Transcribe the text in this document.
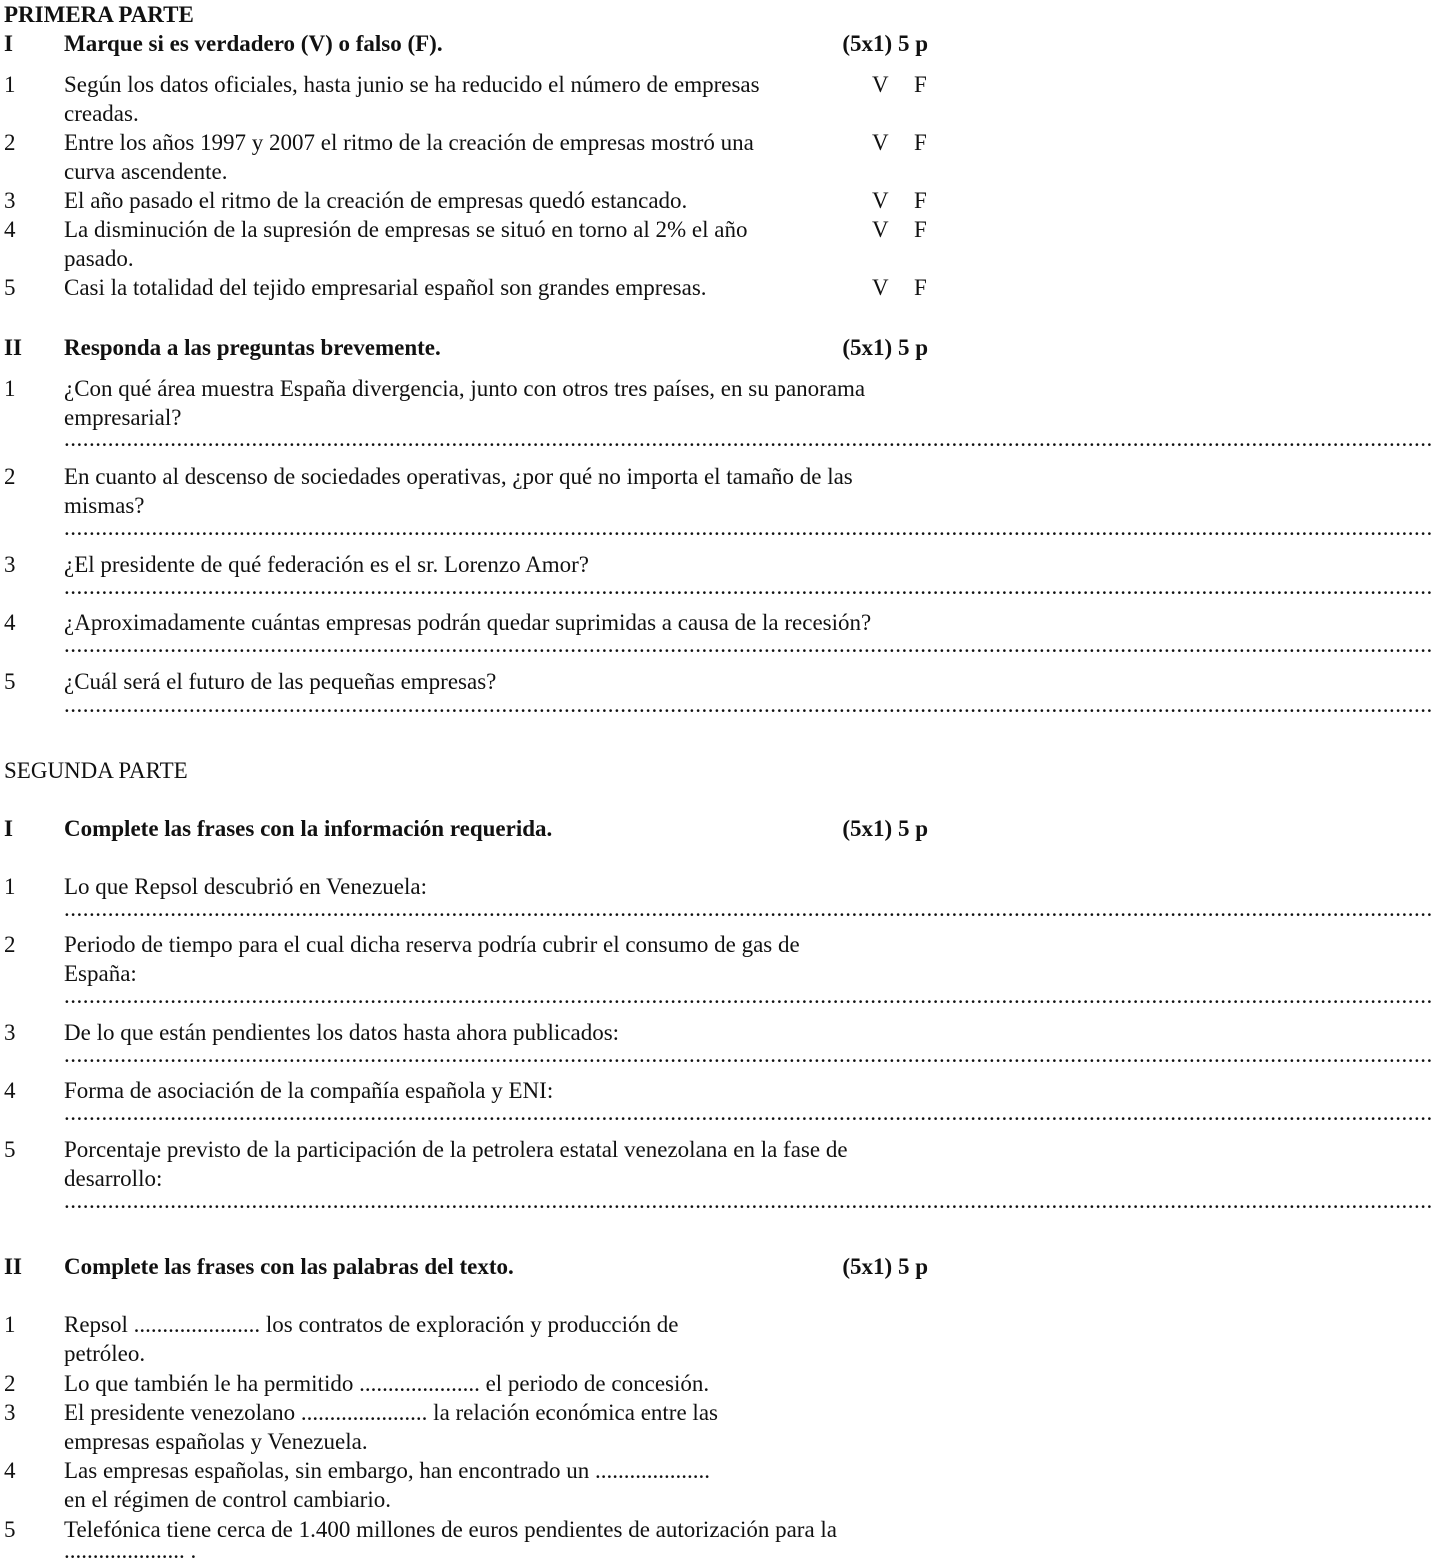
PRIMERA PARTE
I Marque si es verdadero (V) o falso (F).	(5x1) 5 p
1 Según los datos oficiales, hasta junio se ha reducido el número de empresas
creadas.
V F
2 Entre los años 1997 y 2007 el ritmo de la creación de empresas mostró una
curva ascendente.
V F
3 El año pasado el ritmo de la creación de empresas quedó estancado.	V F
4 La disminución de la supresión de empresas se situó en torno al 2% el año
pasado.
V F
5 Casi la totalidad del tejido empresarial español son grandes empresas.	V F
II Responda a las preguntas brevemente.	(5x1) 5 p
1 ¿Con qué área muestra España divergencia, junto con otros tres países, en su panorama
empresarial?
...........................................................................................................................................................................................................................
2 En cuanto al descenso de sociedades operativas, ¿por qué no importa el tamaño de las
mismas?
...........................................................................................................................................................................................................................
3 ¿El presidente de qué federación es el sr. Lorenzo Amor?
...........................................................................................................................................................................................................................
4 ¿Aproximadamente cuántas empresas podrán quedar suprimidas a causa de la recesión?
...........................................................................................................................................................................................................................
5 ¿Cuál será el futuro de las pequeñas empresas?
...........................................................................................................................................................................................................................
SEGUNDA PARTE
I Complete las frases con la información requerida.	(5x1) 5 p
1 Lo que Repsol descubrió en Venezuela:
...........................................................................................................................................................................................................................
2 Periodo de tiempo para el cual dicha reserva podría cubrir el consumo de gas de
España:
...........................................................................................................................................................................................................................
3 De lo que están pendientes los datos hasta ahora publicados:
...........................................................................................................................................................................................................................
4 Forma de asociación de la compañía española y ENI:
...........................................................................................................................................................................................................................
5 Porcentaje previsto de la participación de la petrolera estatal venezolana en la fase de
desarrollo:
...........................................................................................................................................................................................................................
II Complete las frases con las palabras del texto.	(5x1) 5 p
1 Repsol ...................... los contratos de exploración y producción de
petróleo.
2 Lo que también le ha permitido ..................... el periodo de concesión.
3 El presidente venezolano ...................... la relación económica entre las
empresas españolas y Venezuela.
4 Las empresas españolas, sin embargo, han encontrado un ....................
en el régimen de control cambiario.
5 Telefónica tiene cerca de 1.400 millones de euros pendientes de autorización para la
..................... .
